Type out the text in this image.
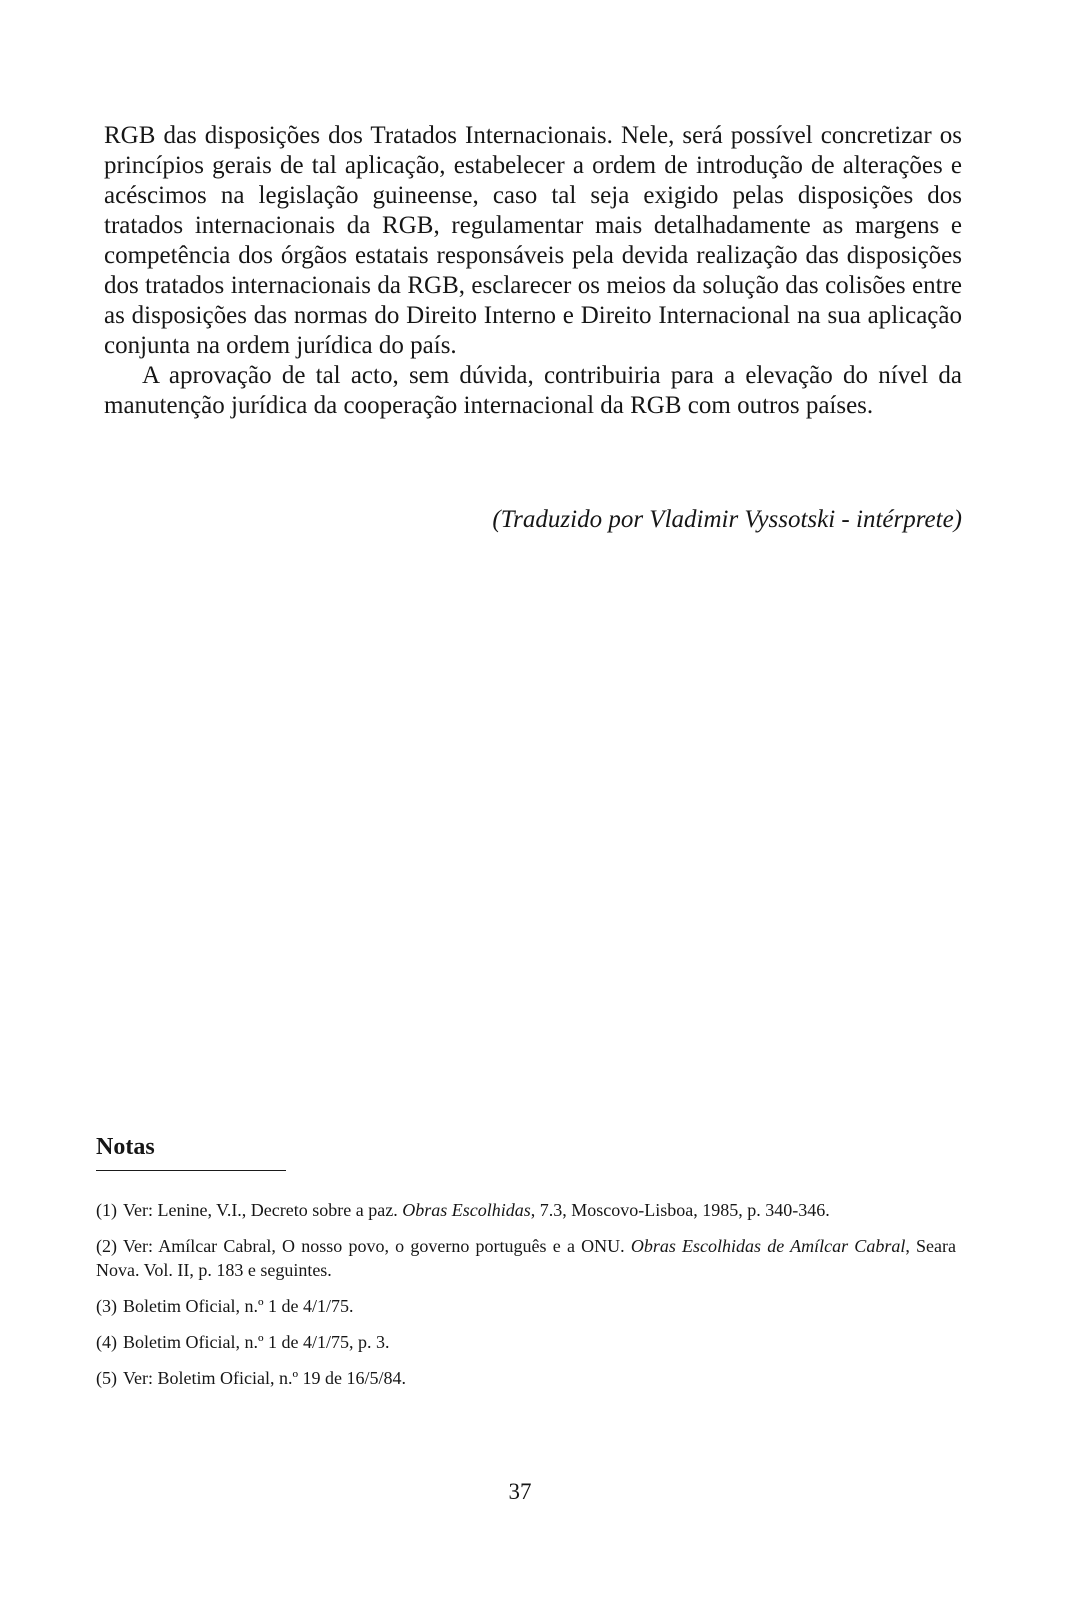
RGB das disposições dos Tratados Internacionais. Nele, será possível concretizar os princípios gerais de tal aplicação, estabelecer a ordem de introdução de alterações e acéscimos na legislação guineense, caso tal seja exigido pelas disposições dos tratados internacionais da RGB, regulamentar mais detalhadamente as margens e competência dos órgãos estatais responsáveis pela devida realização das disposições dos tratados internacionais da RGB, esclarecer os meios da solução das colisões entre as disposições das normas do Direito Interno e Direito Internacional na sua aplicação conjunta na ordem jurídica do país.

A aprovação de tal acto, sem dúvida, contribuiria para a elevação do nível da manutenção jurídica da cooperação internacional da RGB com outros países.

(Traduzido por Vladimir Vyssotski - intérprete)
Notas
(1) Ver: Lenine, V.I., Decreto sobre a paz. Obras Escolhidas, 7.3, Moscovo-Lisboa, 1985, p. 340-346.
(2) Ver: Amílcar Cabral, O nosso povo, o governo português e a ONU. Obras Escolhidas de Amílcar Cabral, Seara Nova. Vol. II, p. 183 e seguintes.
(3) Boletim Oficial, n.º 1 de 4/1/75.
(4) Boletim Oficial, n.º 1 de 4/1/75, p. 3.
(5) Ver: Boletim Oficial, n.º 19 de 16/5/84.
37
